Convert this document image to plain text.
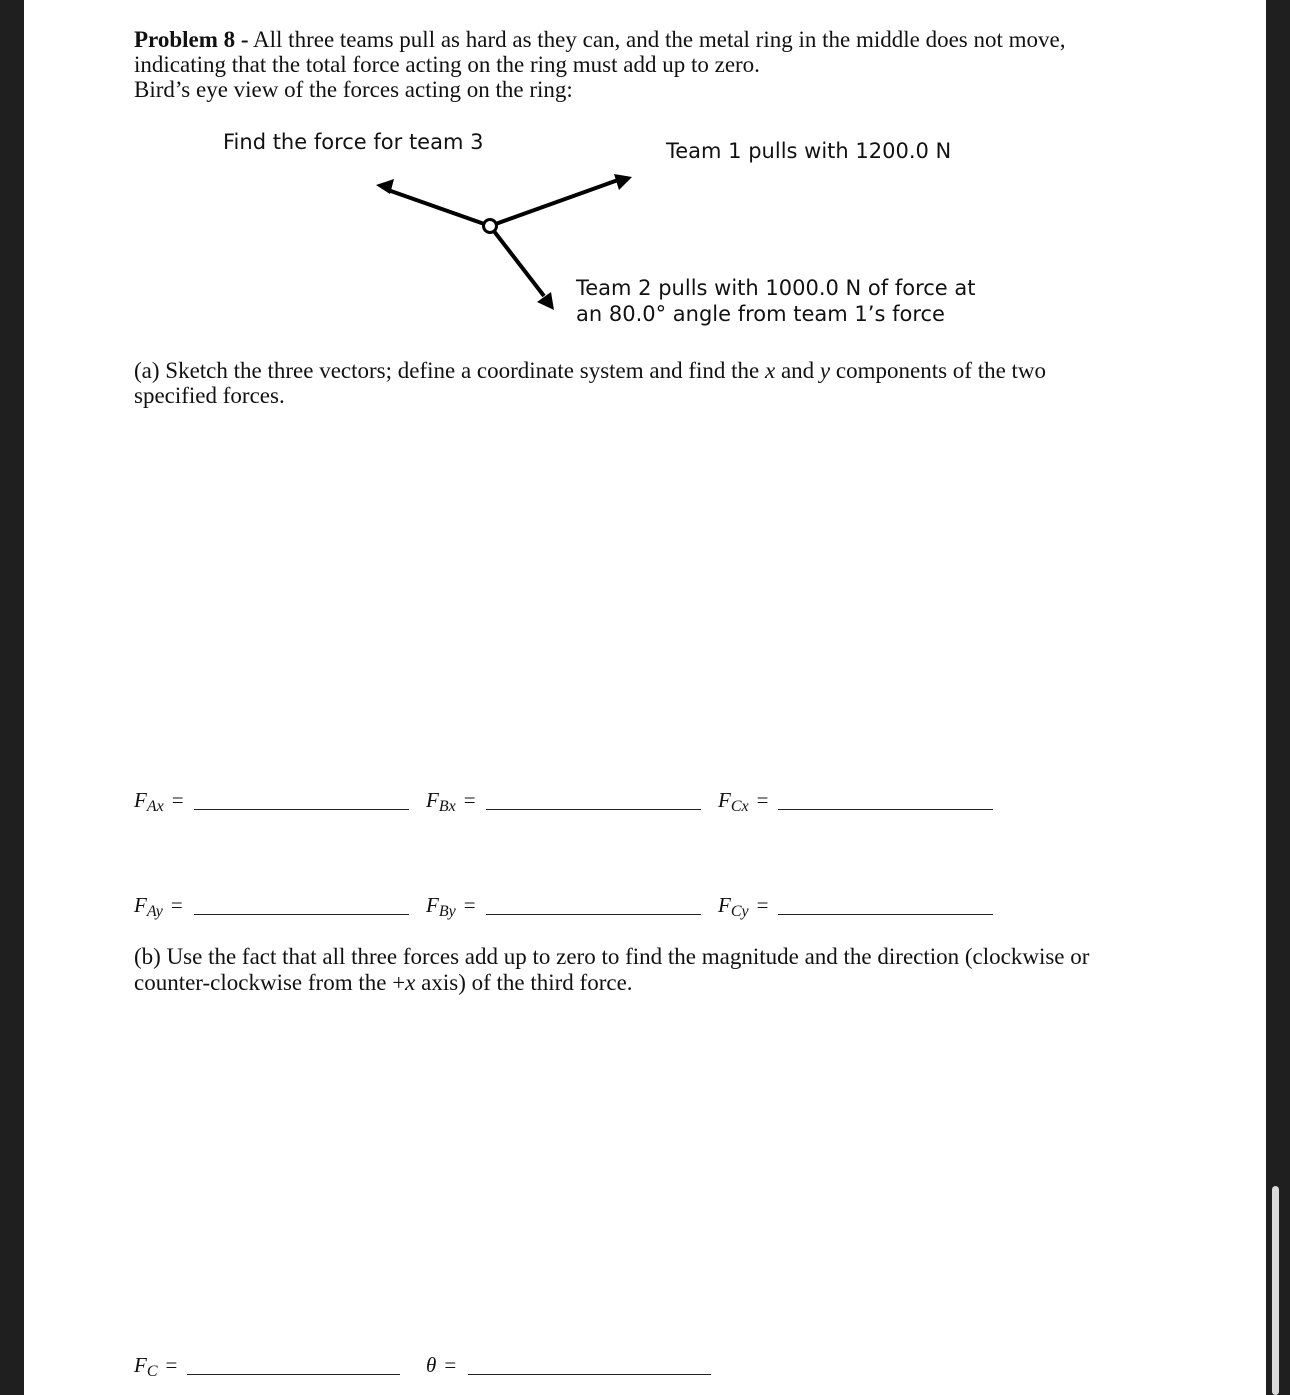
Problem 8 - All three teams pull as hard as they can, and the metal ring in the middle does not move,
indicating that the total force acting on the ring must add up to zero.
Bird’s eye view of the forces acting on the ring:
Find the force for team 3	Team 1 pulls with 1200.0 N
Team 2 pulls with 1000.0 N of force at
an 80.0° angle from team 1’s force
(a) Sketch the three vectors; define a coordinate system and find the x and y components of the two
specified forces.
$F_{Ax}$ =	$F_{Bx}$ =	$F_{Cx}$ =
$F_{Ay}$ =	$F_{By}$ =	$F_{Cy}$ =
(b) Use the fact that all three forces add up to zero to find the magnitude and the direction (clockwise or
counter-clockwise from the +x axis) of the third force.
$F_C$ =	θ =
